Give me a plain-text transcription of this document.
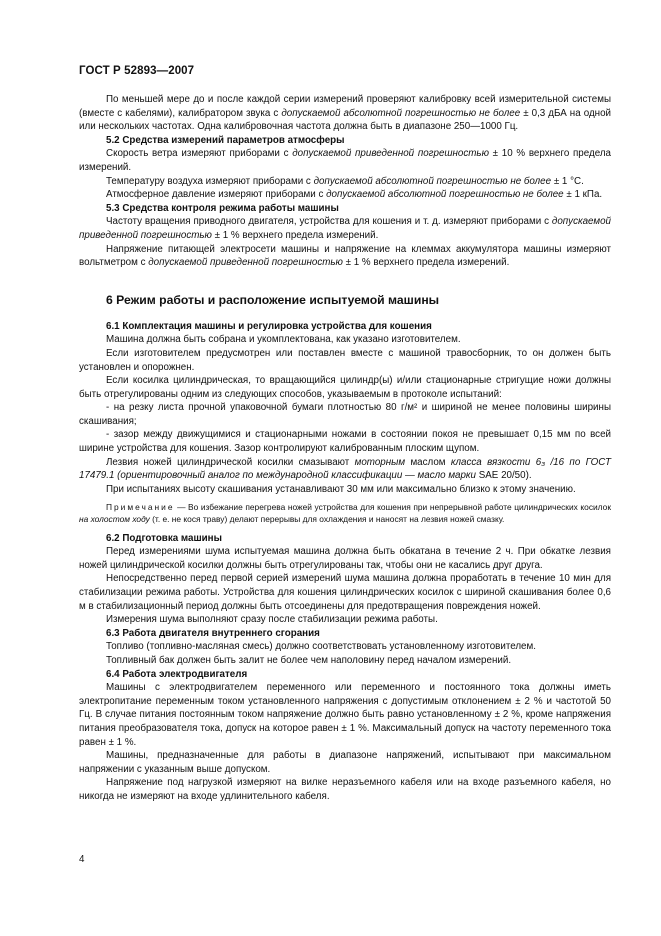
ГОСТ Р 52893—2007

По меньшей мере до и после каждой серии измерений проверяют калибровку всей измерительной системы (вместе с кабелями), калибратором звука с допускаемой абсолютной погрешностью не более ± 0,3 дБА на одной или нескольких частотах. Одна калибровочная частота должна быть в диапазоне 250—1000 Гц.

5.2 Средства измерений параметров атмосферы

Скорость ветра измеряют приборами с допускаемой приведенной погрешностью ± 10 % верхнего предела измерений.

Температуру воздуха измеряют приборами с допускаемой абсолютной погрешностью не более ± 1 °С.

Атмосферное давление измеряют приборами с допускаемой абсолютной погрешностью не более ± 1 кПа.

5.3 Средства контроля режима работы машины

Частоту вращения приводного двигателя, устройства для кошения и т. д. измеряют приборами с допускаемой приведенной погрешностью ± 1 % верхнего предела измерений.

Напряжение питающей электросети машины и напряжение на клеммах аккумулятора машины измеряют вольтметром с допускаемой приведенной погрешностью ± 1 % верхнего предела измерений.

6 Режим работы и расположение испытуемой машины
6.1 Комплектация машины и регулировка устройства для кошения

Машина должна быть собрана и укомплектована, как указано изготовителем.

Если изготовителем предусмотрен или поставлен вместе с машиной травосборник, то он должен быть установлен и опорожнен.

Если косилка цилиндрическая, то вращающийся цилиндр(ы) и/или стационарные стригущие ножи должны быть отрегулированы одним из следующих способов, указываемым в протоколе испытаний:

- на резку листа прочной упаковочной бумаги плотностью 80 г/м² и шириной не менее половины ширины скашивания;

- зазор между движущимися и стационарными ножами в состоянии покоя не превышает 0,15 мм по всей ширине устройства для кошения. Зазор контролируют калиброванным плоским щупом.

Лезвия ножей цилиндрической косилки смазывают моторным маслом класса вязкости 6₃ /16 по ГОСТ 17479.1 (ориентировочный аналог по международной классификации — масло марки SAE 20/50).

При испытаниях высоту скашивания устанавливают 30 мм или максимально близко к этому значению.

Примечание — Во избежание перегрева ножей устройства для кошения при непрерывной работе цилиндрических косилок на холостом ходу (т. е. не кося траву) делают перерывы для охлаждения и наносят на лезвия ножей смазку.

6.2 Подготовка машины

Перед измерениями шума испытуемая машина должна быть обкатана в течение 2 ч. При обкатке лезвия ножей цилиндрической косилки должны быть отрегулированы так, чтобы они не касались друг друга.

Непосредственно перед первой серией измерений шума машина должна проработать в течение 10 мин для стабилизации режима работы. Устройства для кошения цилиндрических косилок с шириной скашивания более 0,6 м в стабилизационный период должны быть отсоединены для предотвращения повреждения ножей.

Измерения шума выполняют сразу после стабилизации режима работы.

6.3 Работа двигателя внутреннего сгорания

Топливо (топливно-масляная смесь) должно соответствовать установленному изготовителем.

Топливный бак должен быть залит не более чем наполовину перед началом измерений.

6.4 Работа электродвигателя

Машины с электродвигателем переменного или переменного и постоянного тока должны иметь электропитание переменным током установленного напряжения с допустимым отклонением ± 2 % и частотой 50 Гц. В случае питания постоянным током напряжение должно быть равно установленному ± 2 %, кроме напряжения питания преобразователя тока, допуск на которое равен ± 1 %. Максимальный допуск на частоту переменного тока равен ± 1 %.

Машины, предназначенные для работы в диапазоне напряжений, испытывают при максимальном напряжении с указанным выше допуском.

Напряжение под нагрузкой измеряют на вилке неразъемного кабеля или на входе разъемного кабеля, но никогда не измеряют на входе удлинительного кабеля.

4
